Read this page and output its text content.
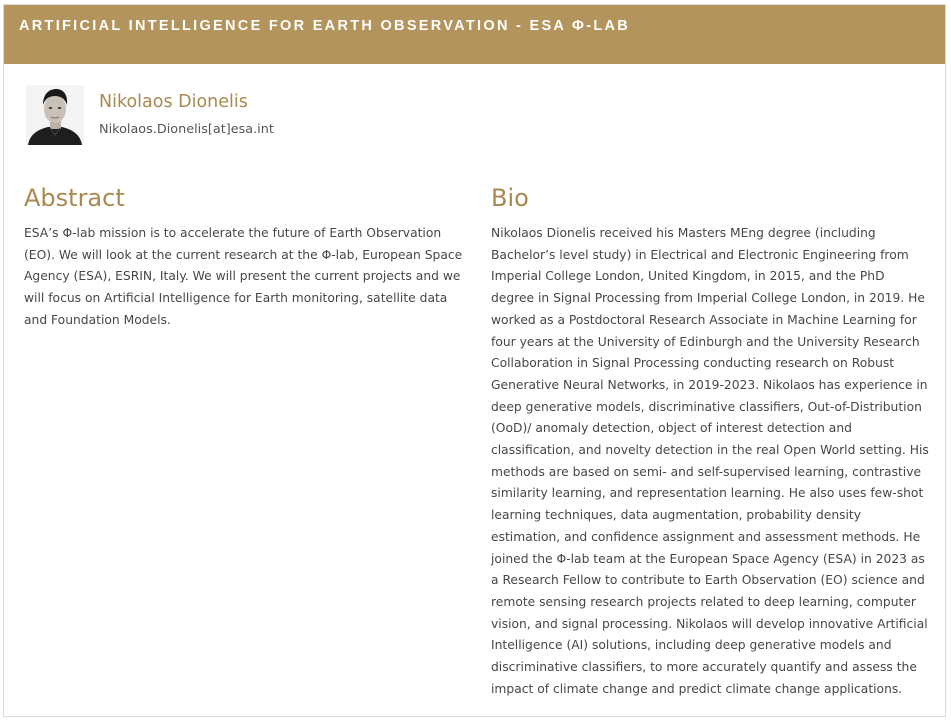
ARTIFICIAL INTELLIGENCE FOR EARTH OBSERVATION - ESA Φ-LAB
Nikolaos Dionelis
Nikolaos.Dionelis[at]esa.int
Abstract

ESA’s Φ-lab mission is to accelerate the future of Earth Observation (EO). We will look at the current research at the Φ-lab, European Space Agency (ESA), ESRIN, Italy. We will present the current projects and we will focus on Artificial Intelligence for Earth monitoring, satellite data and Foundation Models.

Bio

Nikolaos Dionelis received his Masters MEng degree (including Bachelor’s level study) in Electrical and Electronic Engineering from Imperial College London, United Kingdom, in 2015, and the PhD degree in Signal Processing from Imperial College London, in 2019. He worked as a Postdoctoral Research Associate in Machine Learning for four years at the University of Edinburgh and the University Research Collaboration in Signal Processing conducting research on Robust Generative Neural Networks, in 2019-2023. Nikolaos has experience in deep generative models, discriminative classifiers, Out-of-Distribution (OoD)/ anomaly detection, object of interest detection and classification, and novelty detection in the real Open World setting. His methods are based on semi- and self-supervised learning, contrastive similarity learning, and representation learning. He also uses few-shot learning techniques, data augmentation, probability density estimation, and confidence assignment and assessment methods. He joined the Φ-lab team at the European Space Agency (ESA) in 2023 as a Research Fellow to contribute to Earth Observation (EO) science and remote sensing research projects related to deep learning, computer vision, and signal processing. Nikolaos will develop innovative Artificial Intelligence (AI) solutions, including deep generative models and discriminative classifiers, to more accurately quantify and assess the impact of climate change and predict climate change applications.
